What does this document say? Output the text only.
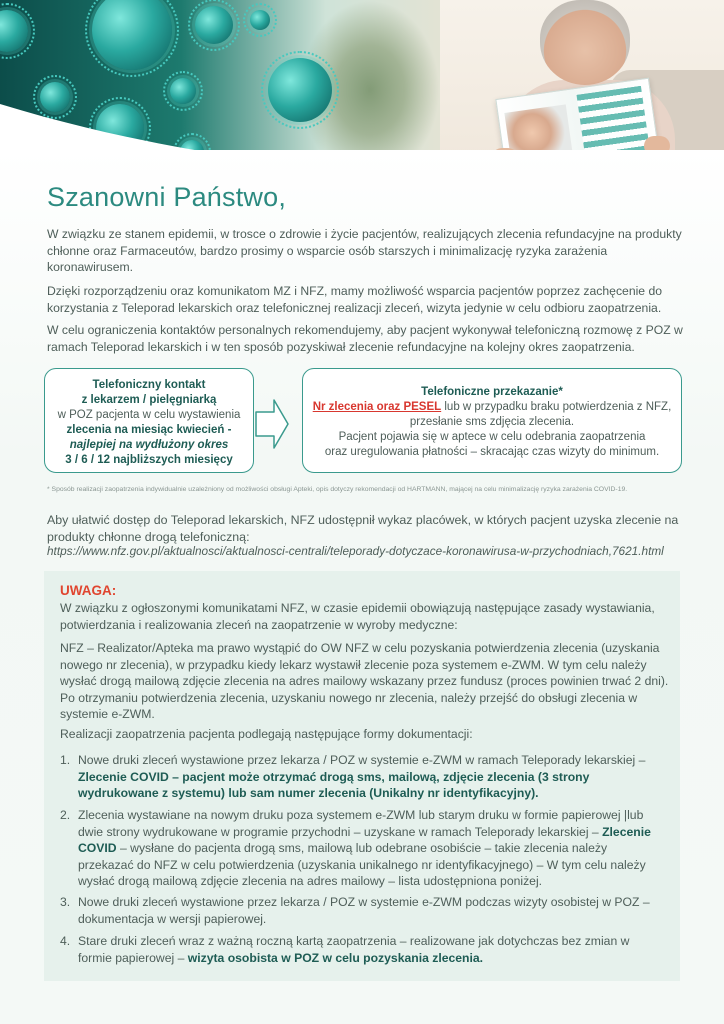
Szanowni Państwo,

W związku ze stanem epidemii, w trosce o zdrowie i życie pacjentów, realizujących zlecenia refundacyjne na produkty chłonne oraz Farmaceutów, bardzo prosimy o wsparcie osób starszych i minimalizację ryzyka zarażenia koronawirusem.

Dzięki rozporządzeniu oraz komunikatom MZ i NFZ, mamy możliwość wsparcia pacjentów poprzez zachęcenie do korzystania z Teleporad lekarskich oraz telefonicznej realizacji zleceń, wizyta jedynie w celu odbioru zaopatrzenia.

W celu ograniczenia kontaktów personalnych rekomendujemy, aby pacjent wykonywał telefoniczną rozmowę z POZ w ramach Teleporad lekarskich i w ten sposób pozyskiwał zlecenie refundacyjne na kolejny okres zaopatrzenia.

Telefoniczny kontakt
z lekarzem / pielęgniarką
w POZ pacjenta w celu wystawienia
zlecenia na miesiąc kwiecień -
najlepiej na wydłużony okres
3 / 6 / 12 najbliższych miesięcy
Telefoniczne przekazanie*
Nr zlecenia oraz PESEL lub w przypadku braku potwierdzenia z NFZ,
przesłanie sms zdjęcia zlecenia.
Pacjent pojawia się w aptece w celu odebrania zaopatrzenia
oraz uregulowania płatności – skracając czas wizyty do minimum.

* Sposób realizacji zaopatrzenia indywidualnie uzależniony od możliwości obsługi Apteki, opis dotyczy rekomendacji od HARTMANN, mającej na celu minimalizację ryzyka zarażenia COVID-19.

Aby ułatwić dostęp do Teleporad lekarskich, NFZ udostępnił wykaz placówek, w których pacjent uzyska zlecenie na produkty chłonne drogą telefoniczną:

https://www.nfz.gov.pl/aktualnosci/aktualnosci-centrali/teleporady-dotyczace-koronawirusa-w-przychodniach,7621.html
UWAGA:

W związku z ogłoszonymi komunikatami NFZ, w czasie epidemii obowiązują następujące zasady wystawiania, potwierdzania i realizowania zleceń na zaopatrzenie w wyroby medyczne:

NFZ – Realizator/Apteka ma prawo wystąpić do OW NFZ w celu pozyskania potwierdzenia zlecenia (uzyskania nowego nr zlecenia), w przypadku kiedy lekarz wystawił zlecenie poza systemem e-ZWM. W tym celu należy wysłać drogą mailową zdjęcie zlecenia na adres mailowy wskazany przez fundusz (proces powinien trwać 2 dni). Po otrzymaniu potwierdzenia zlecenia, uzyskaniu nowego nr zlecenia, należy przejść do obsługi zlecenia w systemie e-ZWM.

Realizacji zaopatrzenia pacjenta podlegają następujące formy dokumentacji:

1. Nowe druki zleceń wystawione przez lekarza / POZ w systemie e-ZWM w ramach Teleporady lekarskiej – Zlecenie COVID – pacjent może otrzymać drogą sms, mailową, zdjęcie zlecenia (3 strony wydrukowane z systemu) lub sam numer zlecenia (Unikalny nr identyfikacyjny).
2. Zlecenia wystawiane na nowym druku poza systemem e-ZWM lub starym druku w formie papierowej |lub dwie strony wydrukowane w programie przychodni – uzyskane w ramach Teleporady lekarskiej – Zlecenie COVID – wysłane do pacjenta drogą sms, mailową lub odebrane osobiście – takie zlecenia należy przekazać do NFZ w celu potwierdzenia (uzyskania unikalnego nr identyfikacyjnego) – W tym celu należy wysłać drogą mailową zdjęcie zlecenia na adres mailowy – lista udostępniona poniżej.
3. Nowe druki zleceń wystawione przez lekarza / POZ w systemie e-ZWM podczas wizyty osobistej w POZ – dokumentacja w wersji papierowej.
4. Stare druki zleceń wraz z ważną roczną kartą zaopatrzenia – realizowane jak dotychczas bez zmian w formie papierowej – wizyta osobista w POZ w celu pozyskania zlecenia.
